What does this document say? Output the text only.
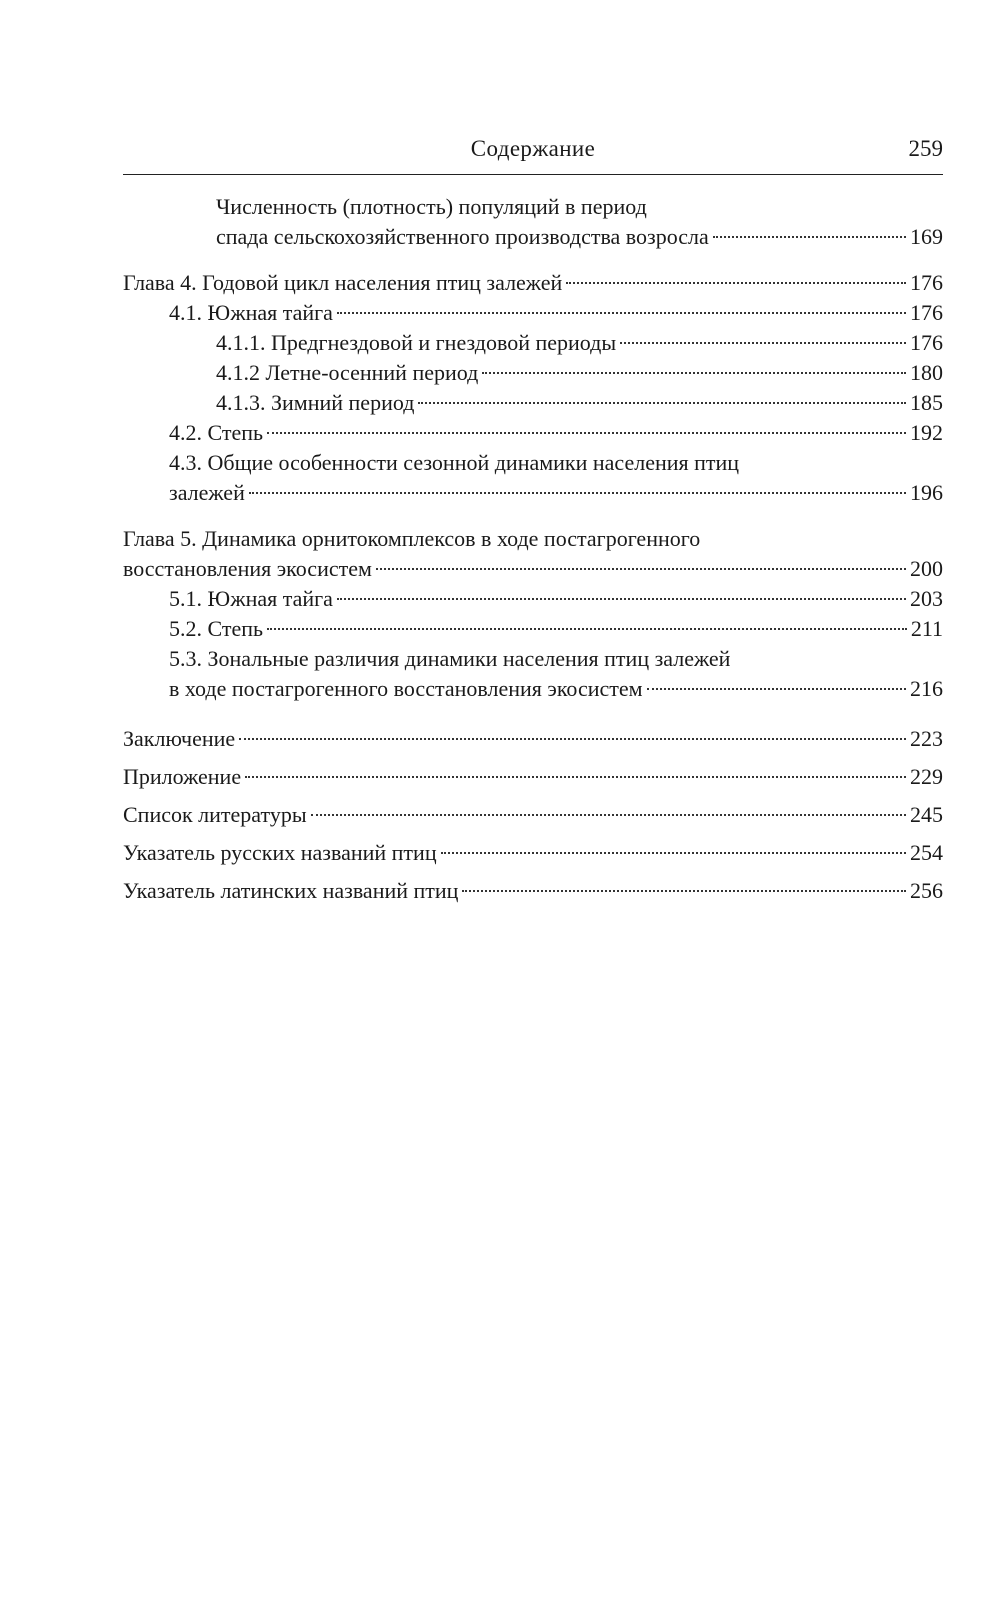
Содержание	259
Численность (плотность) популяций в период
спада сельскохозяйственного производства возросла	169
Глава 4. Годовой цикл населения птиц залежей	176
4.1. Южная тайга	176
4.1.1. Предгнездовой и гнездовой периоды	176
4.1.2 Летне-осенний период	180
4.1.3. Зимний период	185
4.2. Степь	192
4.3. Общие особенности сезонной динамики населения птиц
залежей	196
Глава 5. Динамика орнитокомплексов в ходе постагрогенного
восстановления экосистем	200
5.1. Южная тайга	203
5.2. Степь	211
5.3. Зональные различия динамики населения птиц залежей
в ходе постагрогенного восстановления экосистем	216
Заключение	223
Приложение	229
Список литературы	245
Указатель русских названий птиц	254
Указатель латинских названий птиц	256
